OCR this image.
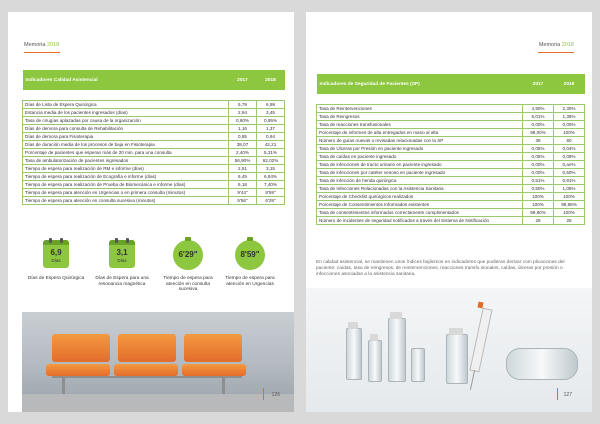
Memoria 2018
Indicadores Calidad Asistencial	2017	2018

Días de Lista de Espera Quirúrgica	5,79	6,99
Estancia media de los pacientes ingresados (días)	2,94	3,45
Tasa de cirugías aplazadas por causa de la organización	0,60%	0,95%
Días de demora para consulta de Rehabilitación	1,16	1,37
Días de demora para Fisioterapia	0,85	0,94
Días de duración media de los procesos de baja en Fisioterapia	38,07	42,21
Porcentaje de pacientes que esperan más de 20 min. para una consulta	2,40%	5,31%
Tasa de ambulatorización de pacientes ingresados	56,90%	62,02%
Tiempo de espera para realización de RM e informe (días)	2,51	3,15
Tiempo de espera para realización de Ecografía e informe (días)	6,49	6,84%
Tiempo de espera para realización de Prueba de Biomecánica e informe (días)	6,18	7,40%
Tiempo de espera para atención en Urgencias o en primera consulta (minutos)	9'44"	8'59"
Tiempo de espera para atención en consulta sucesiva (minutos)	5'56"	6'29"
6,9
Días
Días de Espera Quirúrgica
3,1
Días
Días de Espera para una resonancia magnética
6'29"
Tiempo de espera para atención en consulta sucesiva
8'59"
Tiempo de espera para atención en Urgencias
126
Memoria 2018
Indicadores de Seguridad de Pacientes (SP)	2017	2018

Tasa de Reintervenciones	4,90%	2,30%
Tasa de Reingresos	5,01%	1,36%
Tasa de reacciones transfusionales	0,00%	0,00%
Porcentaje de informes de alta entregados en mano al alta	98,00%	100%
Número de guías nuevas o revisadas relacionadas con la SP	39	60
Tasa de Úlceras por Presión en paciente ingresado	0,05%	0,04%
Tasa de caídas en paciente ingresado	0,05%	0,09%
Tasa de infecciones de tracto urinario en paciente ingresado	0,00%	0,ao%
Tasa de infecciones por catéter venoso en paciente ingresado	0,00%	0,50%
Tasa de infección de herida quirúrgica	0,51%	0,91%
Tasa de Infecciones Relacionadas con la Asistencia Sanitaria	0,50%	1,05%
Porcentaje de Checklist quirúrgicos realizados	100%	100%
Porcentaje de Consentimientos Informados existentes	100%	99,88%
Tasa de consentimientos informados correctamente cumplimentados	99,80%	100%
Número de incidentes de seguridad notificados a través del Sistema de Notificación	28	28
En calidad asistencial, se mantienen unos índices bajísimos en indicadores que pudieran derivar com plicaciones del paciente: caídas, tasa de reingresos, de reintervenciones, reacciones transfu sionales, caídas, úlceras por presión o infecciones asociadas a la asistencia sanitaria.
127
